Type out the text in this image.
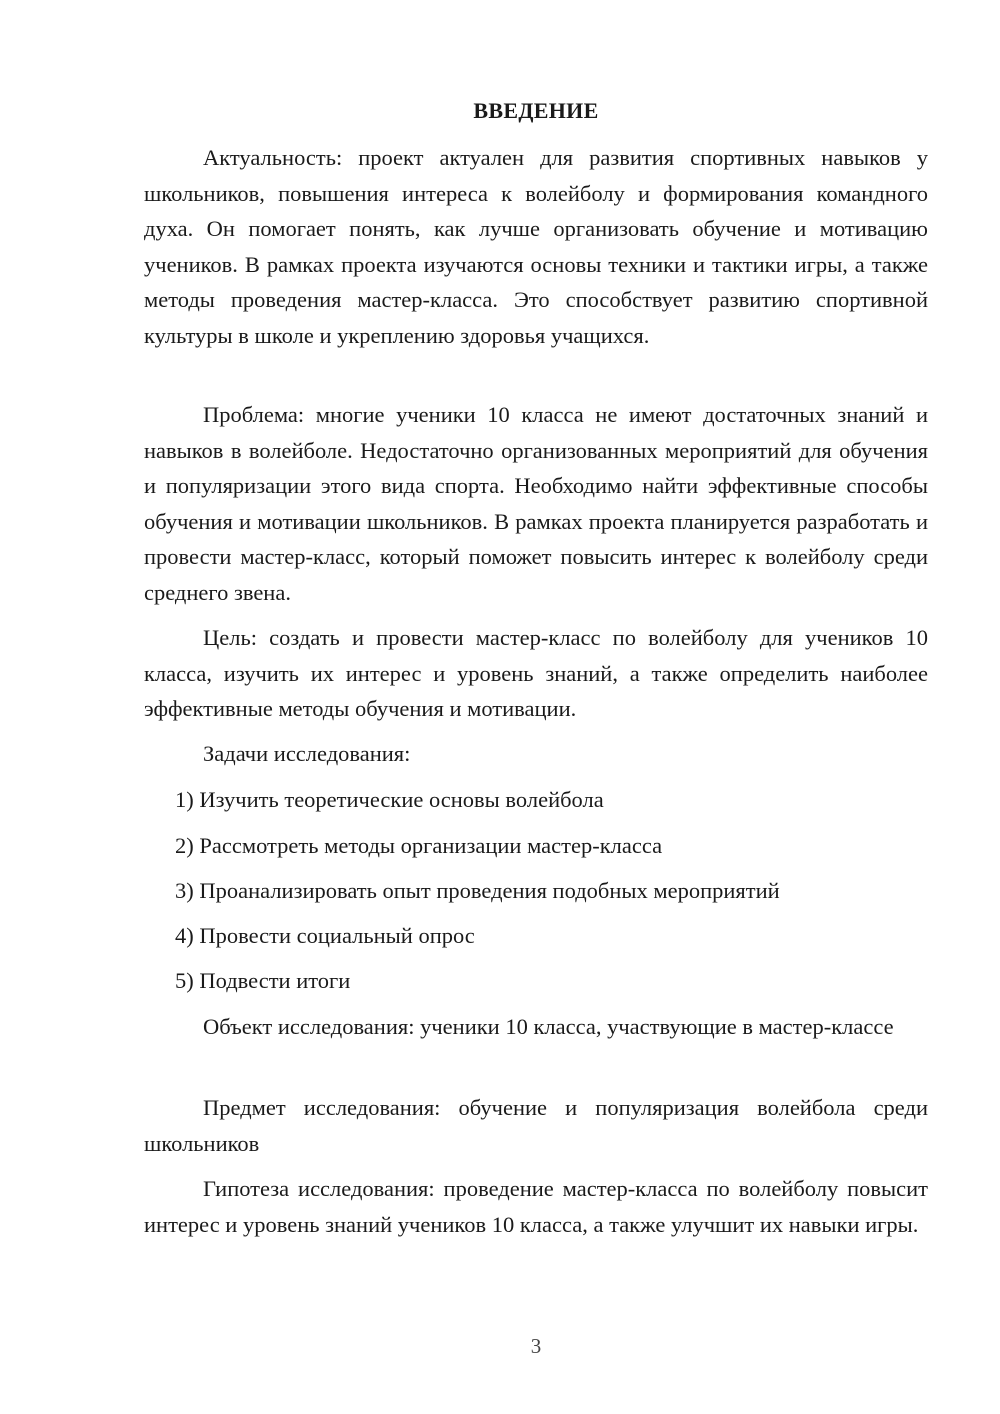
ВВЕДЕНИЕ

Актуальность: проект актуален для развития спортивных навыков у школьников, повышения интереса к волейболу и формирования командного духа. Он помогает понять, как лучше организовать обучение и мотивацию учеников. В рамках проекта изучаются основы техники и тактики игры, а также методы проведения мастер-класса. Это способствует развитию спортивной культуры в школе и укреплению здоровья учащихся.

Проблема: многие ученики 10 класса не имеют достаточных знаний и навыков в волейболе. Недостаточно организованных мероприятий для обучения и популяризации этого вида спорта. Необходимо найти эффективные способы обучения и мотивации школьников. В рамках проекта планируется разработать и провести мастер-класс, который поможет повысить интерес к волейболу среди среднего звена.

Цель: создать и провести мастер-класс по волейболу для учеников 10 класса, изучить их интерес и уровень знаний, а также определить наиболее эффективные методы обучения и мотивации.

Задачи исследования:

1) Изучить теоретические основы волейбола

2) Рассмотреть методы организации мастер-класса

3) Проанализировать опыт проведения подобных мероприятий

4) Провести социальный опрос

5) Подвести итоги

Объект исследования: ученики 10 класса, участвующие в мастер-классе

Предмет исследования: обучение и популяризация волейбола среди школьников

Гипотеза исследования: проведение мастер-класса по волейболу повысит интерес и уровень знаний учеников 10 класса, а также улучшит их навыки игры.

3
